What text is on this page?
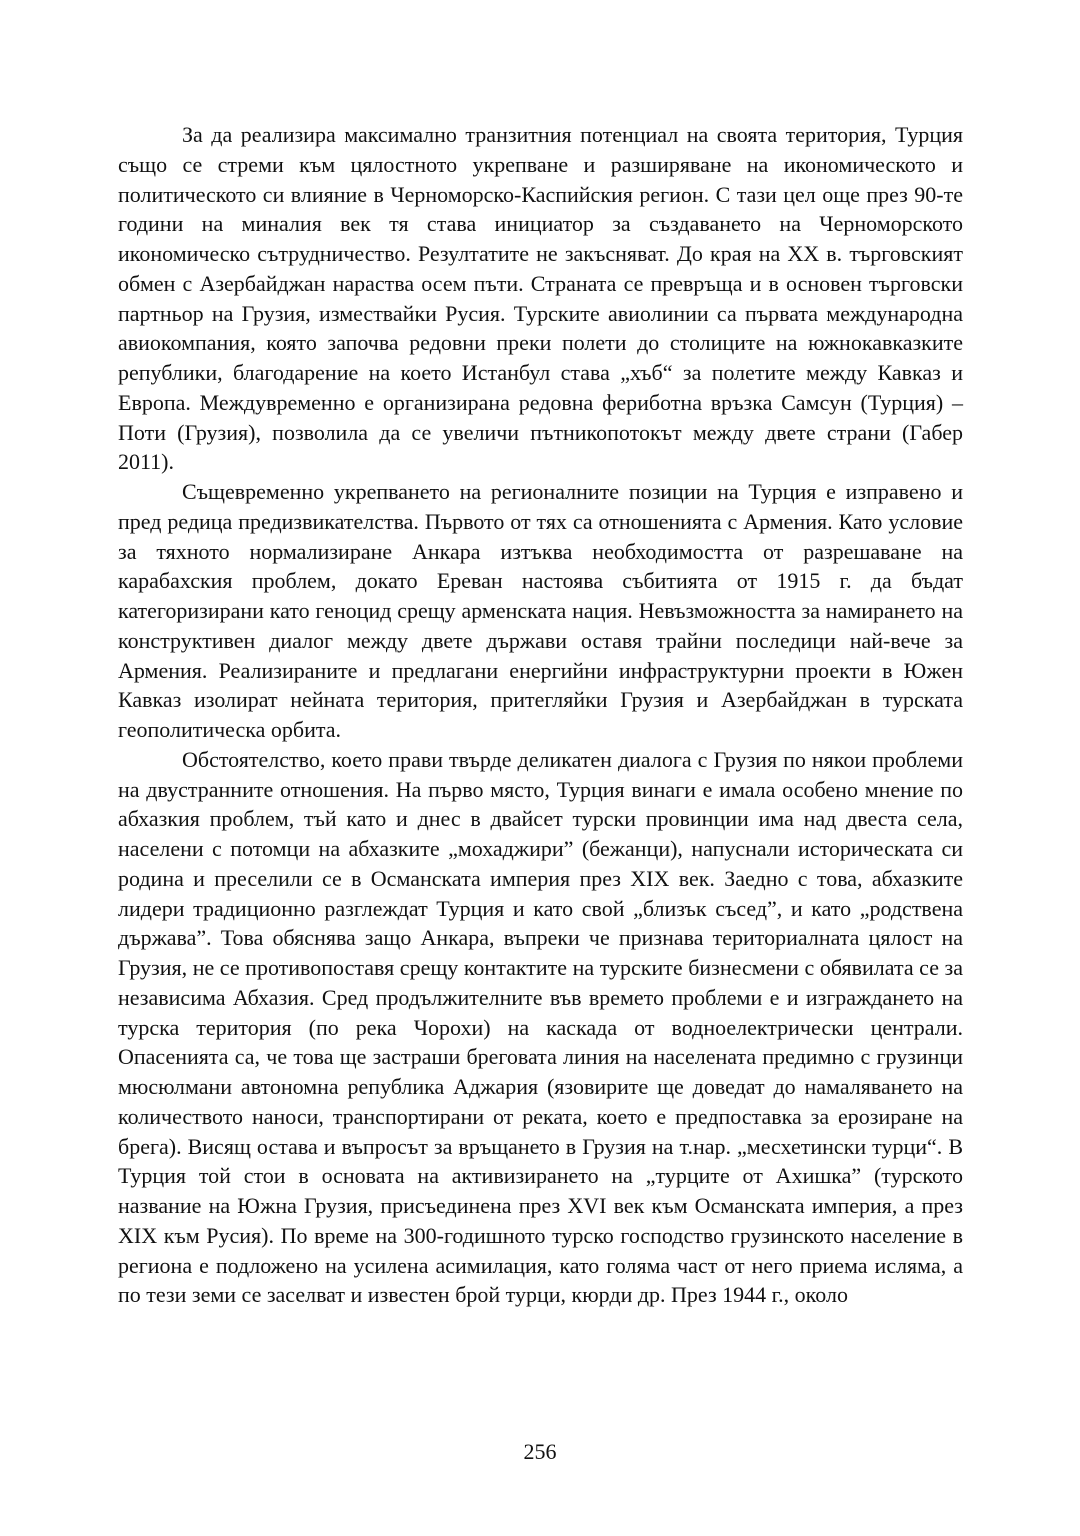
За да реализира максимално транзитния потенциал на своята територия, Турция също се стреми към цялостното укрепване и разширяване на икономическото и политическото си влияние в Черноморско-Каспийския регион. С тази цел още през 90-те години на миналия век тя става инициатор за създаването на Черноморското икономическо сътрудничество. Резултатите не закъсняват. До края на XX в. търговският обмен с Азербайджан нараства осем пъти. Страната се превръща и в основен търговски партньор на Грузия, измествайки Русия. Турските авиолинии са първата международна авиокомпания, която започва редовни преки полети до столиците на южнокавказките републики, благодарение на което Истанбул става „хъб“ за полетите между Кавказ и Европа. Междувременно е организирана редовна фериботна връзка Самсун (Турция) – Поти (Грузия), позволила да се увеличи пътникопотокът между двете страни (Габер 2011).

Същевременно укрепването на регионалните позиции на Турция е изправено и пред редица предизвикателства. Първото от тях са отношенията с Армения. Като условие за тяхното нормализиране Анкара изтъква необходимостта от разрешаване на карабахския проблем, докато Ереван настоява събитията от 1915 г. да бъдат категоризирани като геноцид срещу арменската нация. Невъзможността за намирането на конструктивен диалог между двете държави оставя трайни последици най-вече за Армения. Реализираните и предлагани енергийни инфраструктурни проекти в Южен Кавказ изолират нейната територия, притегляйки Грузия и Азербайджан в турската геополитическа орбита.

Обстоятелство, което прави твърде деликатен диалога с Грузия по някои проблеми на двустранните отношения. На първо място, Турция винаги е имала особено мнение по абхазкия проблем, тъй като и днес в двайсет турски провинции има над двеста села, населени с потомци на абхазките „мохаджири” (бежанци), напуснали историческата си родина и преселили се в Османската империя през XIX век. Заедно с това, абхазките лидери традиционно разглеждат Турция и като свой „близък съсед”, и като „родствена държава”. Това обяснява защо Анкара, въпреки че признава териториалната цялост на Грузия, не се противопоставя срещу контактите на турските бизнесмени с обявилата се за независима Абхазия. Сред продължителните във времето проблеми е и изграждането на турска територия (по река Чорохи) на каскада от водноелектрически централи. Опасенията са, че това ще застраши бреговата линия на населената предимно с грузинци мюсюлмани автономна република Аджария (язовирите ще доведат до намаляването на количеството наноси, транспортирани от реката, което е предпоставка за ерозиране на брега). Висящ остава и въпросът за връщането в Грузия на т.нар. „месхетински турци“. В Турция той стои в основата на активизирането на „турците от Ахишка” (турското название на Южна Грузия, присъединена през XVI век към Османската империя, а през XIX към Русия). По време на 300-годишното турско господство грузинското население в региона е подложено на усилена асимилация, като голяма част от него приема исляма, а по тези земи се заселват и известен брой турци, кюрди др. През 1944 г., около

256
